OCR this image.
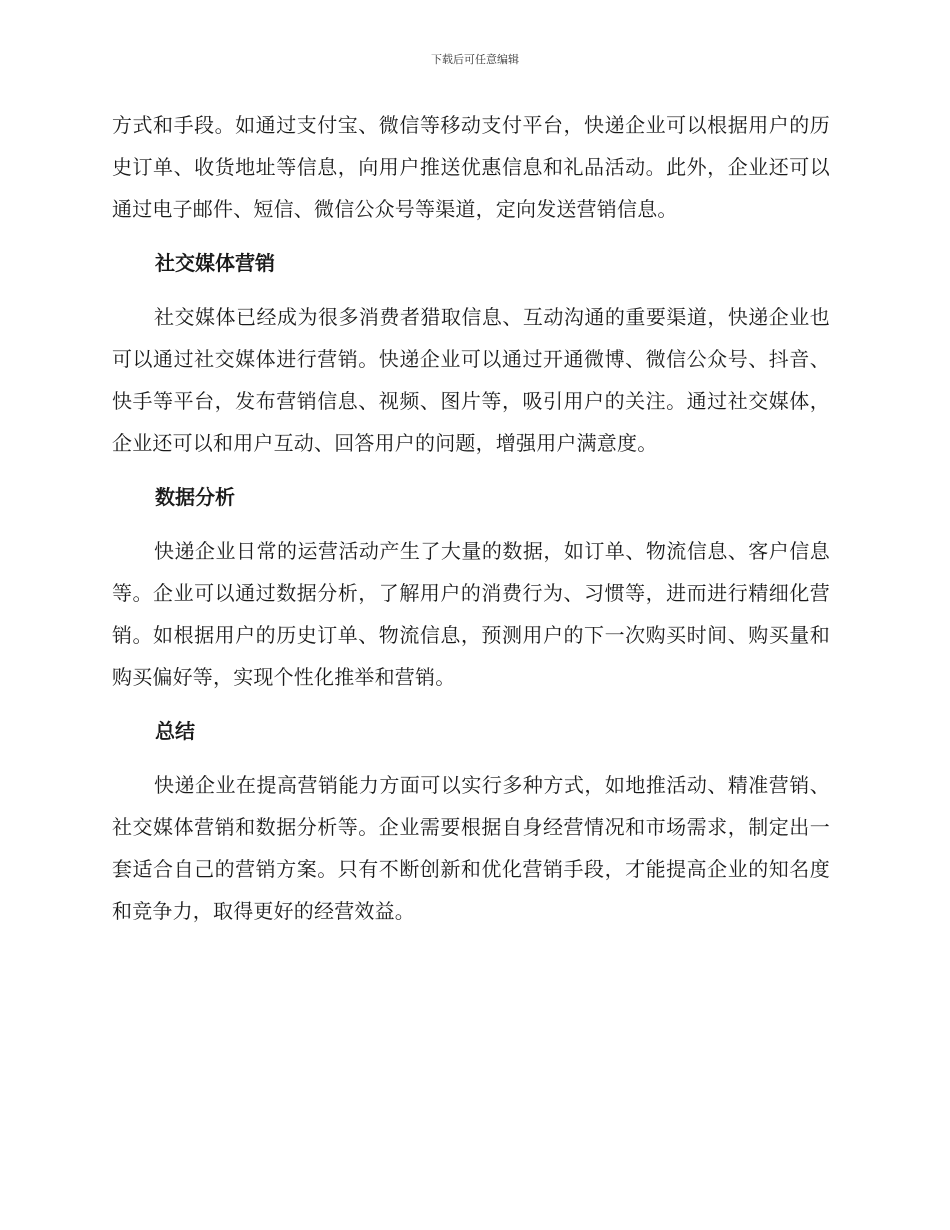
下载后可任意编辑

方式和手段。如通过支付宝、微信等移动支付平台，快递企业可以根据用户的历史订单、收货地址等信息，向用户推送优惠信息和礼品活动。此外，企业还可以通过电子邮件、短信、微信公众号等渠道，定向发送营销信息。

社交媒体营销

社交媒体已经成为很多消费者猎取信息、互动沟通的重要渠道，快递企业也可以通过社交媒体进行营销。快递企业可以通过开通微博、微信公众号、抖音、快手等平台，发布营销信息、视频、图片等，吸引用户的关注。通过社交媒体，企业还可以和用户互动、回答用户的问题，增强用户满意度。

数据分析

快递企业日常的运营活动产生了大量的数据，如订单、物流信息、客户信息等。企业可以通过数据分析，了解用户的消费行为、习惯等，进而进行精细化营销。如根据用户的历史订单、物流信息，预测用户的下一次购买时间、购买量和购买偏好等，实现个性化推举和营销。

总结

快递企业在提高营销能力方面可以实行多种方式，如地推活动、精准营销、社交媒体营销和数据分析等。企业需要根据自身经营情况和市场需求，制定出一套适合自己的营销方案。只有不断创新和优化营销手段，才能提高企业的知名度和竞争力，取得更好的经营效益。
